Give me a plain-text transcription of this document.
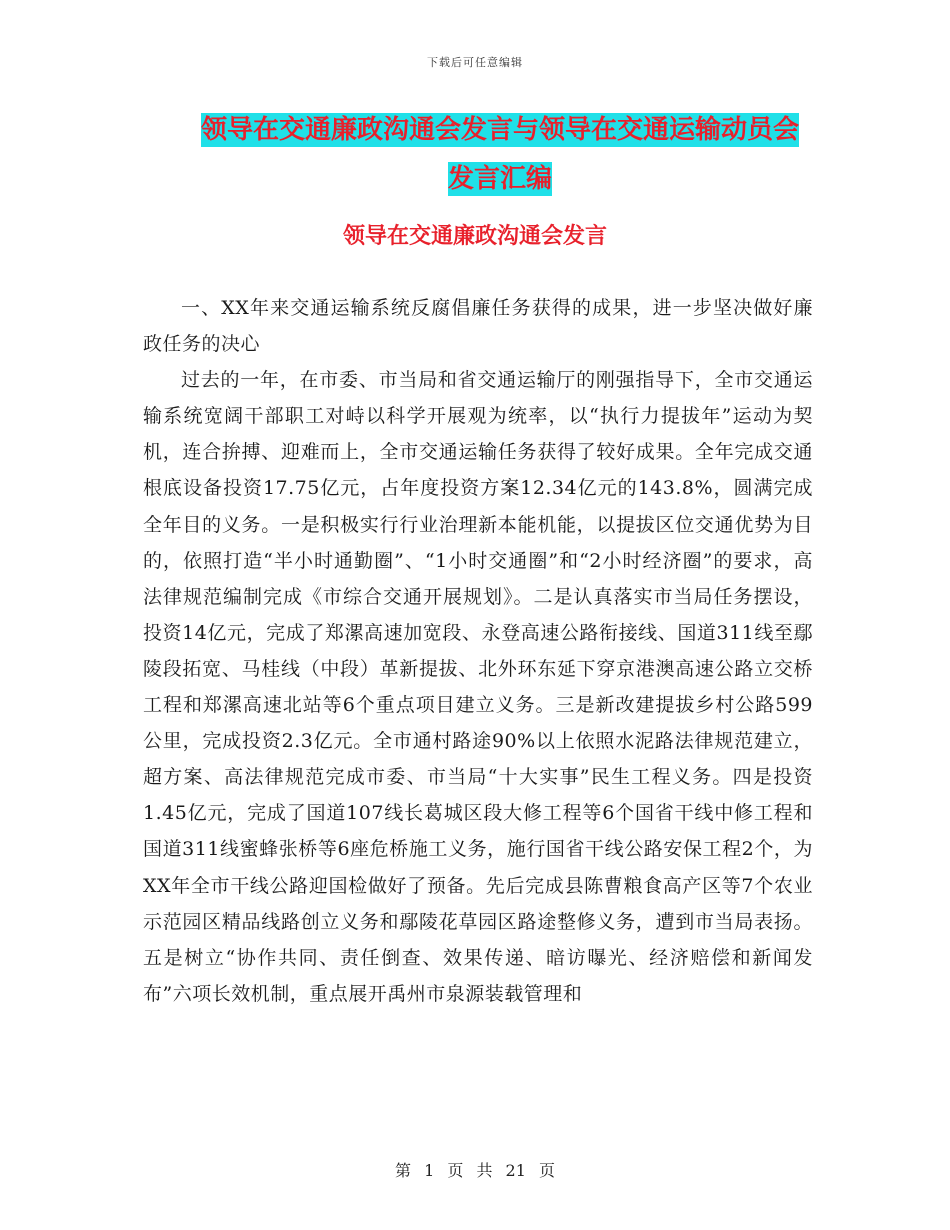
下载后可任意编辑
领导在交通廉政沟通会发言与领导在交通运输动员会
发言汇编
领导在交通廉政沟通会发言

一、XX年来交通运输系统反腐倡廉任务获得的成果，进一步坚决做好廉政任务的决心

过去的一年，在市委、市当局和省交通运输厅的刚强指导下，全市交通运输系统宽阔干部职工对峙以科学开展观为统率，以“执行力提拔年”运动为契机，连合拚搏、迎难而上，全市交通运输任务获得了较好成果。全年完成交通根底设备投资17.75亿元，占年度投资方案12.34亿元的143.8%，圆满完成全年目的义务。一是积极实行行业治理新本能机能，以提拔区位交通优势为目的，依照打造“半小时通勤圈”、“1小时交通圈”和“2小时经济圈”的要求，高法律规范编制完成《市综合交通开展规划》。二是认真落实市当局任务摆设，投资14亿元，完成了郑漯高速加宽段、永登高速公路衔接线、国道311线至鄢陵段拓宽、马桂线（中段）革新提拔、北外环东延下穿京港澳高速公路立交桥工程和郑漯高速北站等6个重点项目建立义务。三是新改建提拔乡村公路599公里，完成投资2.3亿元。全市通村路途90%以上依照水泥路法律规范建立，超方案、高法律规范完成市委、市当局“十大实事”民生工程义务。四是投资1.45亿元，完成了国道107线长葛城区段大修工程等6个国省干线中修工程和国道311线蜜蜂张桥等6座危桥施工义务，施行国省干线公路安保工程2个，为XX年全市干线公路迎国检做好了预备。先后完成县陈曹粮食高产区等7个农业示范园区精品线路创立义务和鄢陵花草园区路途整修义务，遭到市当局表扬。五是树立“协作共同、责任倒查、效果传递、暗访曝光、经济赔偿和新闻发布”六项长效机制，重点展开禹州市泉源装载管理和

第 1 页 共 21 页
